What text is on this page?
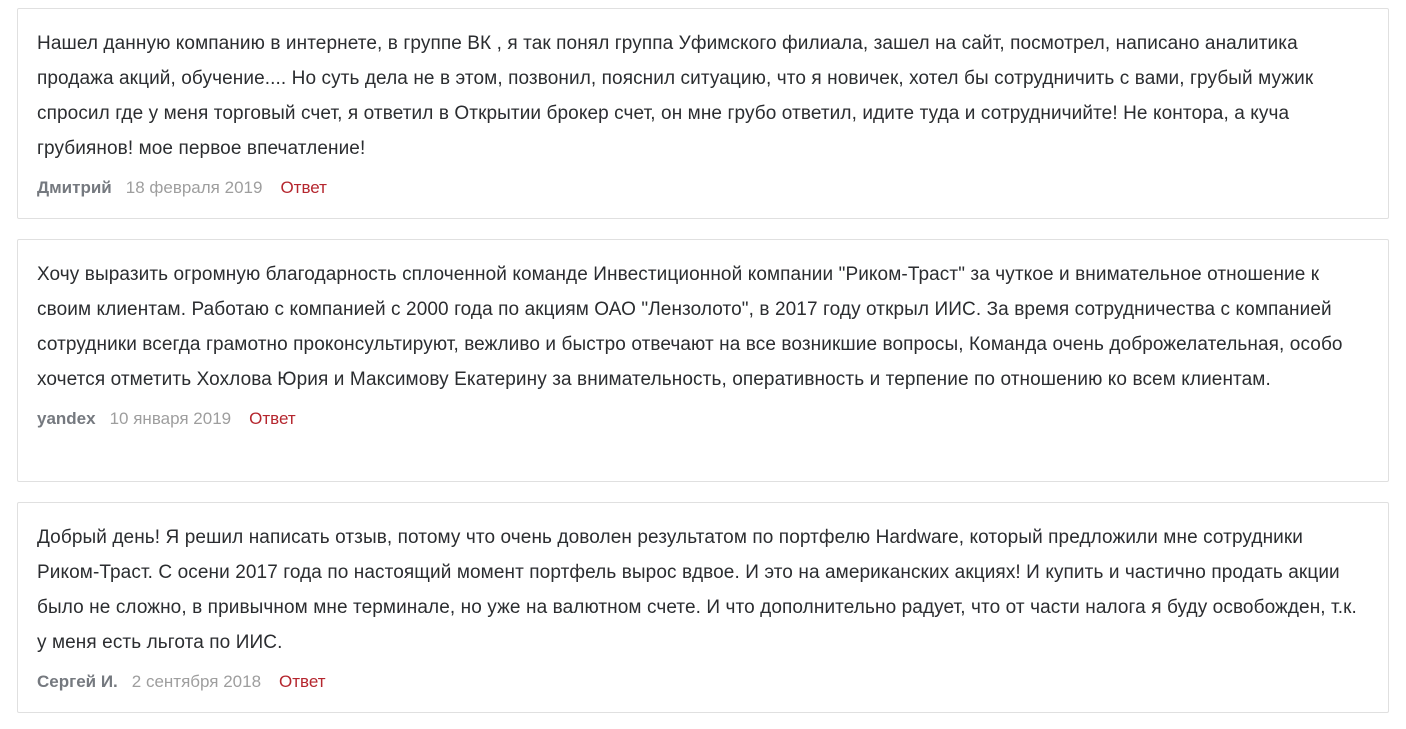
Нашел данную компанию в интернете, в группе ВК , я так понял группа Уфимского филиала, зашел на сайт, посмотрел, написано аналитика продажа акций, обучение.... Но суть дела не в этом, позвонил, пояснил ситуацию, что я новичек, хотел бы сотрудничить с вами, грубый мужик спросил где у меня торговый счет, я ответил в Открытии брокер счет, он мне грубо ответил, идите туда и сотрудничийте! Не контора, а куча грубиянов! мое первое впечатление!

Дмитрий 18 февраля 2019 Ответ

Хочу выразить огромную благодарность сплоченной команде Инвестиционной компании "Риком-Траст" за чуткое и внимательное отношение к своим клиентам. Работаю с компанией с 2000 года по акциям ОАО "Лензолото", в 2017 году открыл ИИС. За время сотрудничества с компанией сотрудники всегда грамотно проконсультируют, вежливо и быстро отвечают на все возникшие вопросы, Команда очень доброжелательная, особо хочется отметить Хохлова Юрия и Максимову Екатерину за внимательность, оперативность и терпение по отношению ко всем клиентам.

yandex 10 января 2019 Ответ

Добрый день! Я решил написать отзыв, потому что очень доволен результатом по портфелю Hardware, который предложили мне сотрудники Риком-Траст. С осени 2017 года по настоящий момент портфель вырос вдвое. И это на американских акциях! И купить и частично продать акции было не сложно, в привычном мне терминале, но уже на валютном счете. И что дополнительно радует, что от части налога я буду освобожден, т.к. у меня есть льгота по ИИС.

Сергей И. 2 сентября 2018 Ответ
